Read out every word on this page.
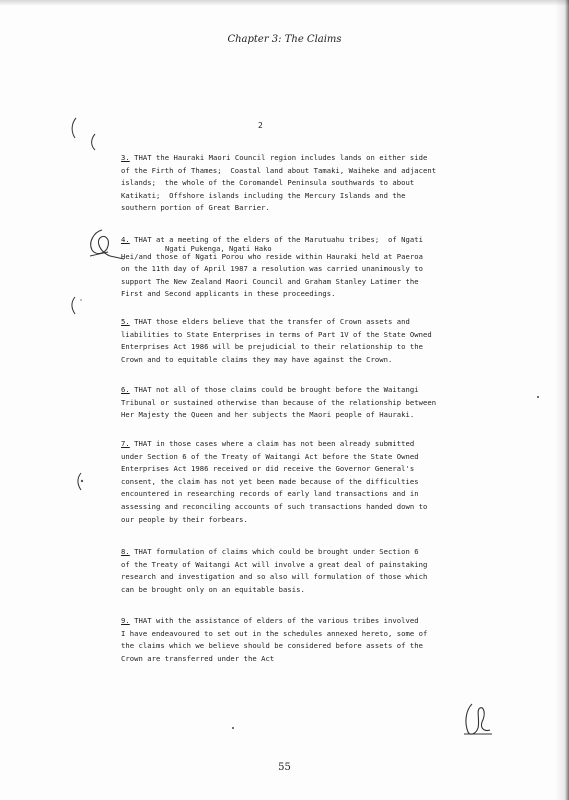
Chapter 3: The Claims
2
3. THAT the Hauraki Maori Council region includes lands on either side
of the Firth of Thames;  Coastal land about Tamaki, Waiheke and adjacent
islands;  the whole of the Coromandel Peninsula southwards to about
Katikati;  Offshore islands including the Mercury Islands and the
southern portion of Great Barrier.
4. THAT at a meeting of the elders of the Marutuahu tribes;  of Ngati
Ngati Pukenga, Ngati Hako
Hei/and those of Ngati Porou who reside within Hauraki held at Paeroa
on the 11th day of April 1987 a resolution was carried unanimously to
support The New Zealand Maori Council and Graham Stanley Latimer the
First and Second applicants in these proceedings.
5. THAT those elders believe that the transfer of Crown assets and
liabilities to State Enterprises in terms of Part 1V of the State Owned
Enterprises Act 1986 will be prejudicial to their relationship to the
Crown and to equitable claims they may have against the Crown.
6. THAT not all of those claims could be brought before the Waitangi
Tribunal or sustained otherwise than because of the relationship between
Her Majesty the Queen and her subjects the Maori people of Hauraki.
7. THAT in those cases where a claim has not been already submitted
under Section 6 of the Treaty of Waitangi Act before the State Owned
Enterprises Act 1986 received or did receive the Governor General's
consent, the claim has not yet been made because of the difficulties
encountered in researching records of early land transactions and in
assessing and reconciling accounts of such transactions handed down to
our people by their forbears.
8. THAT formulation of claims which could be brought under Section 6
of the Treaty of Waitangi Act will involve a great deal of painstaking
research and investigation and so also will formulation of those which
can be brought only on an equitable basis.
9. THAT with the assistance of elders of the various tribes involved
I have endeavoured to set out in the schedules annexed hereto, some of
the claims which we believe should be considered before assets of the
Crown are transferred under the Act
55
